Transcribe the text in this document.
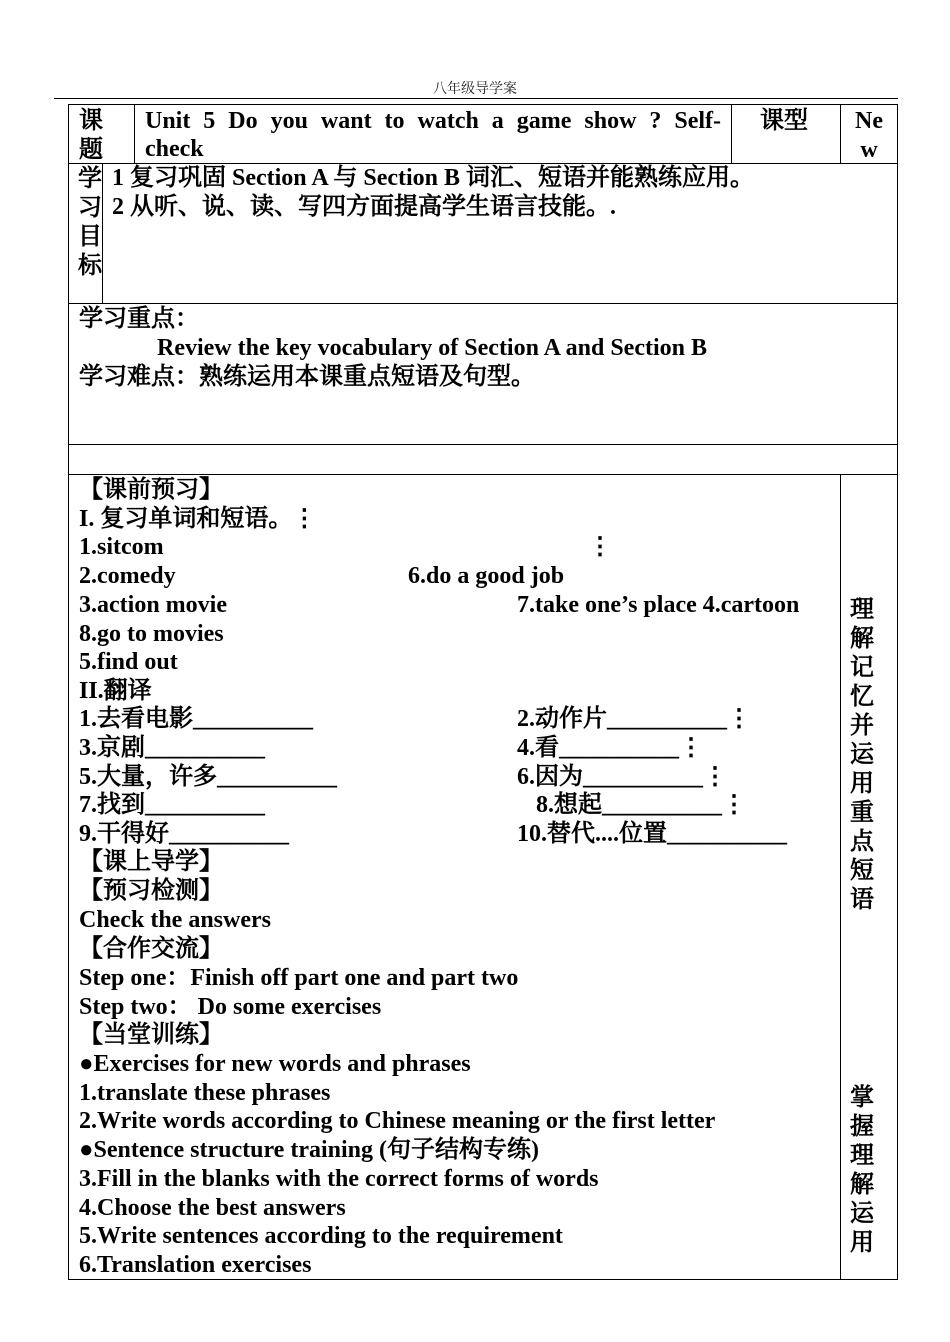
八年级导学案
课
题
Unit 5 Do you want to watch a game show ? Self-
check
课型	Ne
w
学
习
目
标
1 复习巩固 Section A 与 Section B 词汇、短语并能熟练应用。
2 从听、说、读、写四方面提高学生语言技能。.
学习重点：
Review the key vocabulary of Section A and Section B
学习难点：熟练运用本课重点短语及句型。
【课前预习】
I. 复习单词和短语。⋮
1.sitcom	⋮
2.comedy	6.do a good job
3.action movie	7.take one’s place 4.cartoon
8.go to movies
5.find out
II.翻译
1.去看电影__________	2.动作片__________⋮
3.京剧__________	4.看__________⋮
5.大量，许多__________	6.因为__________⋮
7.找到__________	8.想起__________⋮
9.干得好__________	10.替代....位置__________
【课上导学】
【预习检测】
Check the answers
【合作交流】
Step one：Finish off part one and part two
Step two： Do some exercises
【当堂训练】
●Exercises for new words and phrases
1.translate these phrases
2.Write words according to Chinese meaning or the first letter
●Sentence structure training (句子结构专练)
3.Fill in the blanks with the correct forms of words
4.Choose the best answers
5.Write sentences according to the requirement
6.Translation exercises
理解记忆并运用重点短语
掌握理解运用
